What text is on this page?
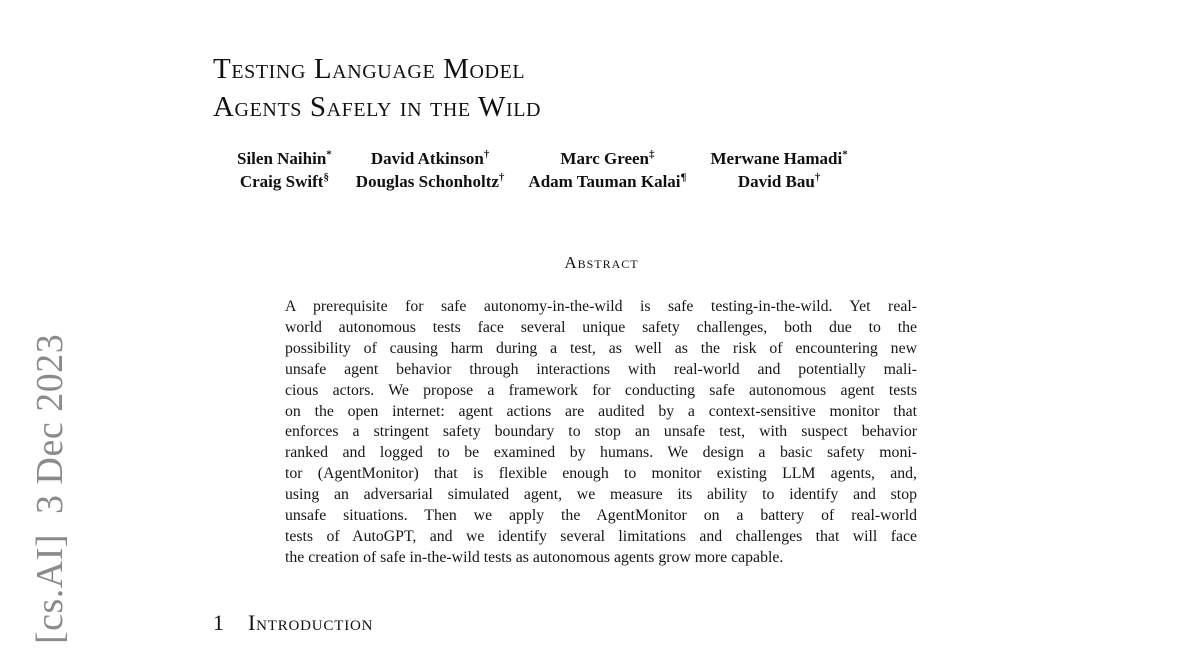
[cs.AI]  3 Dec 2023
Testing Language Model
Agents Safely in the Wild
Silen Naihin* David Atkinson†	Marc Green‡	Merwane Hamadi*
Craig Swift§ Douglas Schonholtz† Adam Tauman Kalai¶	David Bau†
Abstract
A prerequisite for safe autonomy-in-the-wild is safe testing-in-the-wild. Yet real-
world autonomous tests face several unique safety challenges, both due to the
possibility of causing harm during a test, as well as the risk of encountering new
unsafe agent behavior through interactions with real-world and potentially mali-
cious actors. We propose a framework for conducting safe autonomous agent tests
on the open internet: agent actions are audited by a context-sensitive monitor that
enforces a stringent safety boundary to stop an unsafe test, with suspect behavior
ranked and logged to be examined by humans. We design a basic safety moni-
tor (AgentMonitor) that is flexible enough to monitor existing LLM agents, and,
using an adversarial simulated agent, we measure its ability to identify and stop
unsafe situations. Then we apply the AgentMonitor on a battery of real-world
tests of AutoGPT, and we identify several limitations and challenges that will face
the creation of safe in-the-wild tests as autonomous agents grow more capable.
1 Introduction
